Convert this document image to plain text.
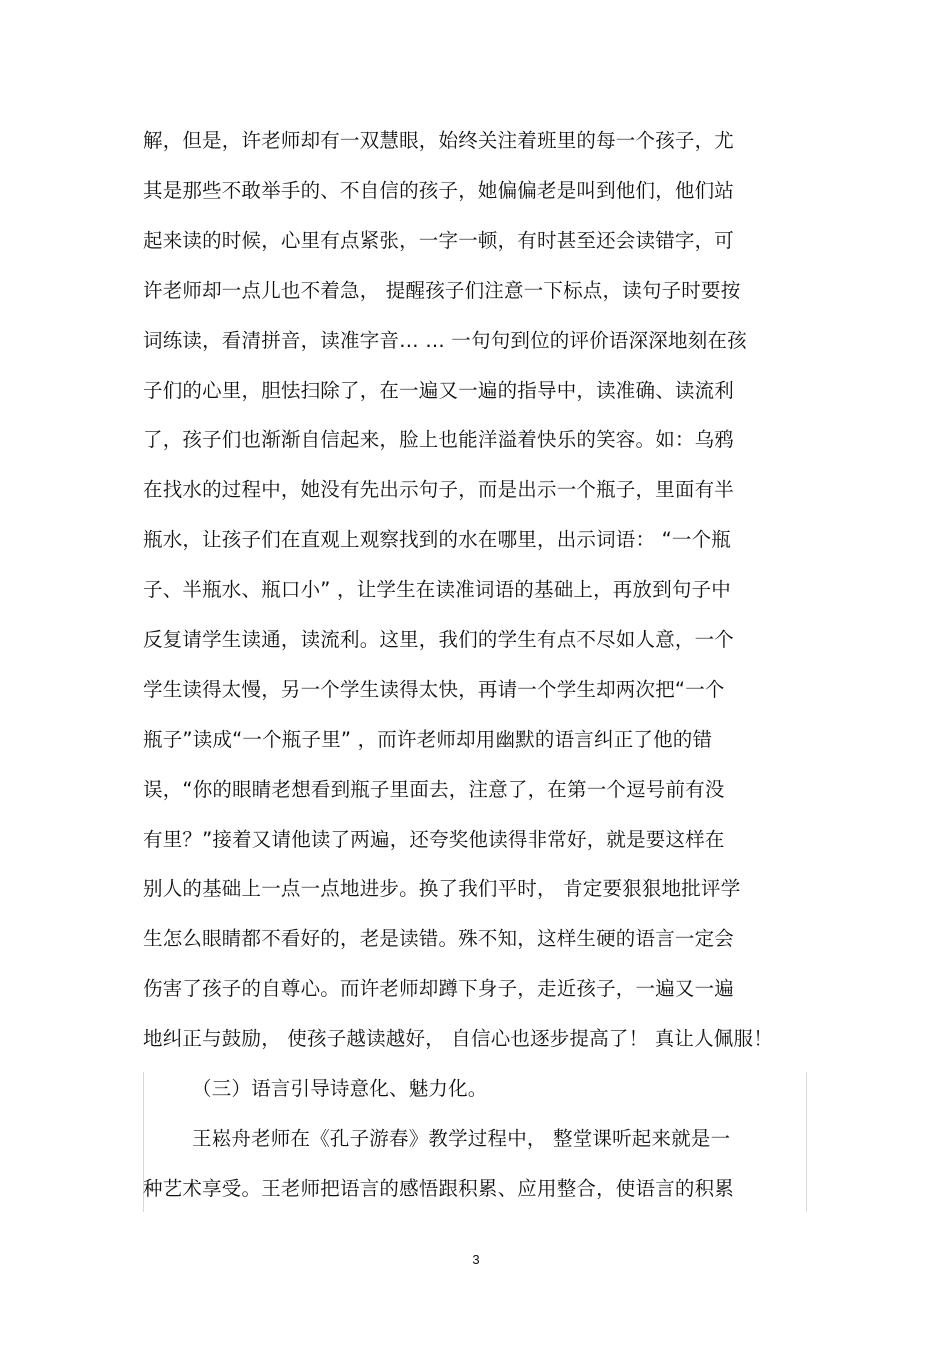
解，但是，许老师却有一双慧眼，始终关注着班里的每一个孩子，尤
其是那些不敢举手的、不自信的孩子，她偏偏老是叫到他们，他们站
起来读的时候，心里有点紧张，一字一顿，有时甚至还会读错字，可
许老师却一点儿也不着急， 提醒孩子们注意一下标点，读句子时要按
词练读，看清拼音，读准字音… … 一句句到位的评价语深深地刻在孩
子们的心里，胆怯扫除了，在一遍又一遍的指导中，读准确、读流利
了，孩子们也渐渐自信起来，脸上也能洋溢着快乐的笑容。如：乌鸦
在找水的过程中，她没有先出示句子，而是出示一个瓶子，里面有半
瓶水，让孩子们在直观上观察找到的水在哪里，出示词语： “一个瓶
子、半瓶水、瓶口小” ，让学生在读准词语的基础上，再放到句子中
反复请学生读通，读流利。这里，我们的学生有点不尽如人意，一个
学生读得太慢，另一个学生读得太快，再请一个学生却两次把“一个
瓶子”读成“一个瓶子里” ，而许老师却用幽默的语言纠正了他的错
误，“你的眼睛老想看到瓶子里面去，注意了，在第一个逗号前有没
有里？”接着又请他读了两遍，还夸奖他读得非常好，就是要这样在
别人的基础上一点一点地进步。换了我们平时， 肯定要狠狠地批评学
生怎么眼睛都不看好的，老是读错。殊不知，这样生硬的语言一定会
伤害了孩子的自尊心。而许老师却蹲下身子，走近孩子，一遍又一遍
地纠正与鼓励， 使孩子越读越好， 自信心也逐步提高了！ 真让人佩服！
（三）语言引导诗意化、魅力化。
王崧舟老师在《孔子游春》教学过程中， 整堂课听起来就是一
种艺术享受。王老师把语言的感悟跟积累、应用整合，使语言的积累
3
